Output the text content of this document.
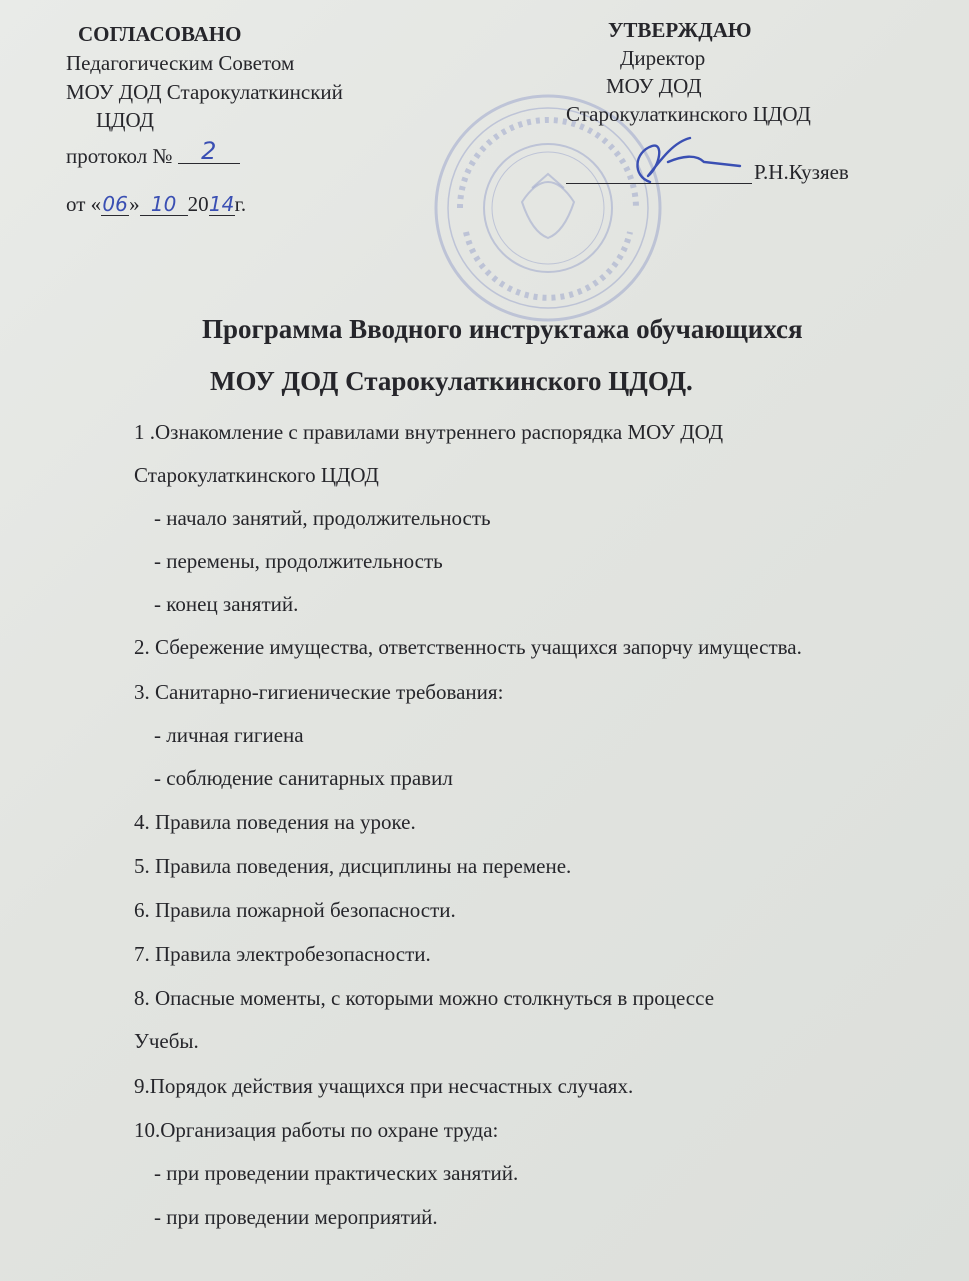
СОГЛАСОВАНО
Педагогическим Советом
МОУ ДОД Старокулаткинский
ЦДОД
протокол № 2
от «06» 10 2014г.
УТВЕРЖДАЮ
Директор
МОУ ДОД
Старокулаткинского ЦДОД
Р.Н.Кузяев
Программа Вводного инструктажа обучающихся
МОУ ДОД Старокулаткинского ЦДОД.
1 .Ознакомление с правилами внутреннего распорядка МОУ ДОД
Старокулаткинского ЦДОД
- начало занятий, продолжительность
- перемены, продолжительность
- конец занятий.
2. Сбережение имущества, ответственность учащихся запорчу имущества.
3. Санитарно-гигиенические требования:
- личная гигиена
- соблюдение санитарных правил
4. Правила поведения на уроке.
5. Правила поведения, дисциплины на перемене.
6. Правила пожарной безопасности.
7. Правила электробезопасности.
8. Опасные моменты, с которыми можно столкнуться в процессе
Учебы.
9.Порядок действия учащихся при несчастных случаях.
10.Организация работы по охране труда:
- при проведении практических занятий.
- при проведении мероприятий.
